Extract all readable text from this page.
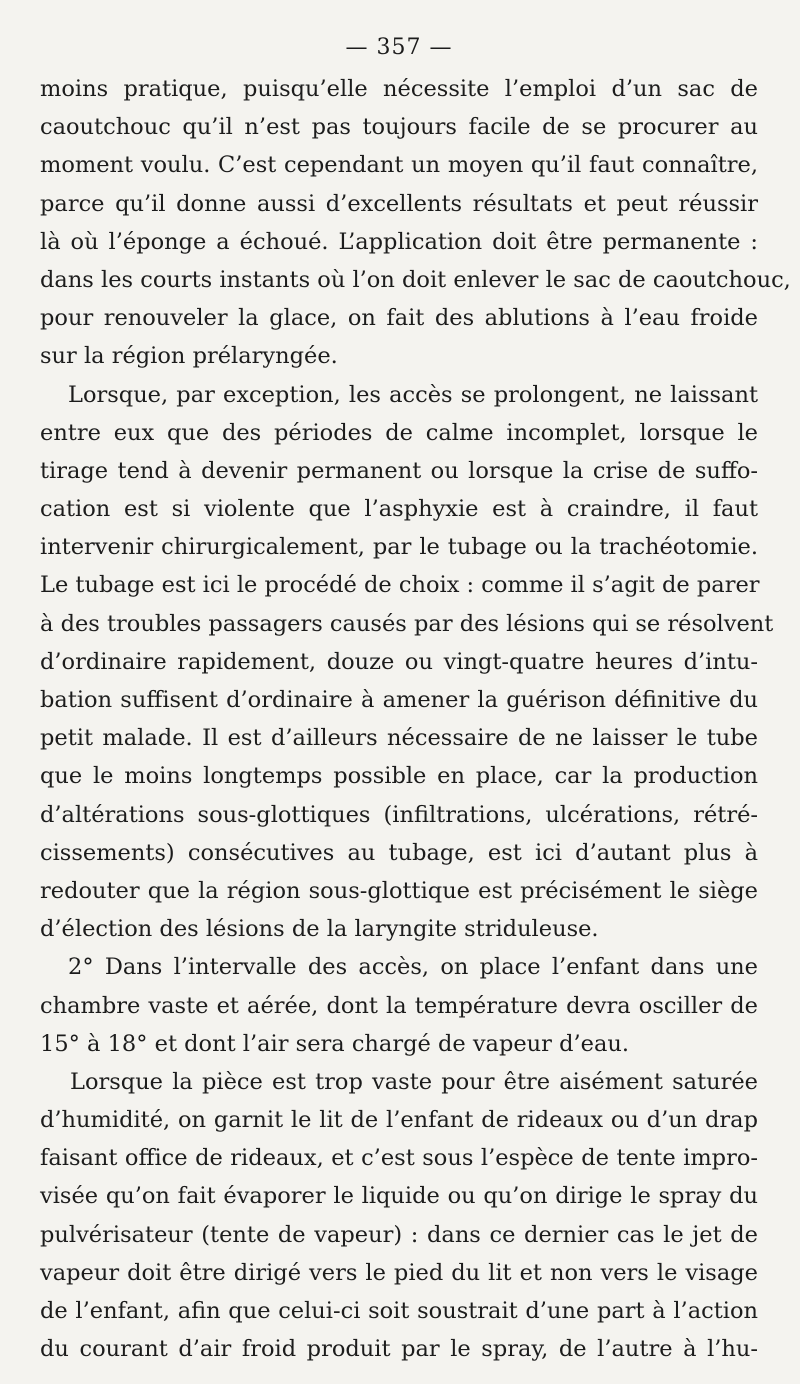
— 357 —
moins pratique, puisqu’elle nécessite l’emploi d’un sac de
caoutchouc qu’il n’est pas toujours facile de se procurer au
moment voulu. C’est cependant un moyen qu’il faut connaître,
parce qu’il donne aussi d’excellents résultats et peut réussir
là où l’éponge a échoué. L’application doit être permanente :
dans les courts instants où l’on doit enlever le sac de caoutchouc,
pour renouveler la glace, on fait des ablutions à l’eau froide
sur la région prélaryngée.
Lorsque, par exception, les accès se prolongent, ne laissant
entre eux que des périodes de calme incomplet, lorsque le
tirage tend à devenir permanent ou lorsque la crise de suffo-
cation est si violente que l’asphyxie est à craindre, il faut
intervenir chirurgicalement, par le tubage ou la trachéotomie.
Le tubage est ici le procédé de choix : comme il s’agit de parer
à des troubles passagers causés par des lésions qui se résolvent
d’ordinaire rapidement, douze ou vingt-quatre heures d’intu-
bation suffisent d’ordinaire à amener la guérison définitive du
petit malade. Il est d’ailleurs nécessaire de ne laisser le tube
que le moins longtemps possible en place, car la production
d’altérations sous-glottiques (infiltrations, ulcérations, rétré-
cissements) consécutives au tubage, est ici d’autant plus à
redouter que la région sous-glottique est précisément le siège
d’élection des lésions de la laryngite striduleuse.
2° Dans l’intervalle des accès, on place l’enfant dans une
chambre vaste et aérée, dont la température devra osciller de
15° à 18° et dont l’air sera chargé de vapeur d’eau.
Lorsque la pièce est trop vaste pour être aisément saturée
d’humidité, on garnit le lit de l’enfant de rideaux ou d’un drap
faisant office de rideaux, et c’est sous l’espèce de tente impro-
visée qu’on fait évaporer le liquide ou qu’on dirige le spray du
pulvérisateur (tente de vapeur) : dans ce dernier cas le jet de
vapeur doit être dirigé vers le pied du lit et non vers le visage
de l’enfant, afin que celui-ci soit soustrait d’une part à l’action
du courant d’air froid produit par le spray, de l’autre à l’hu-
